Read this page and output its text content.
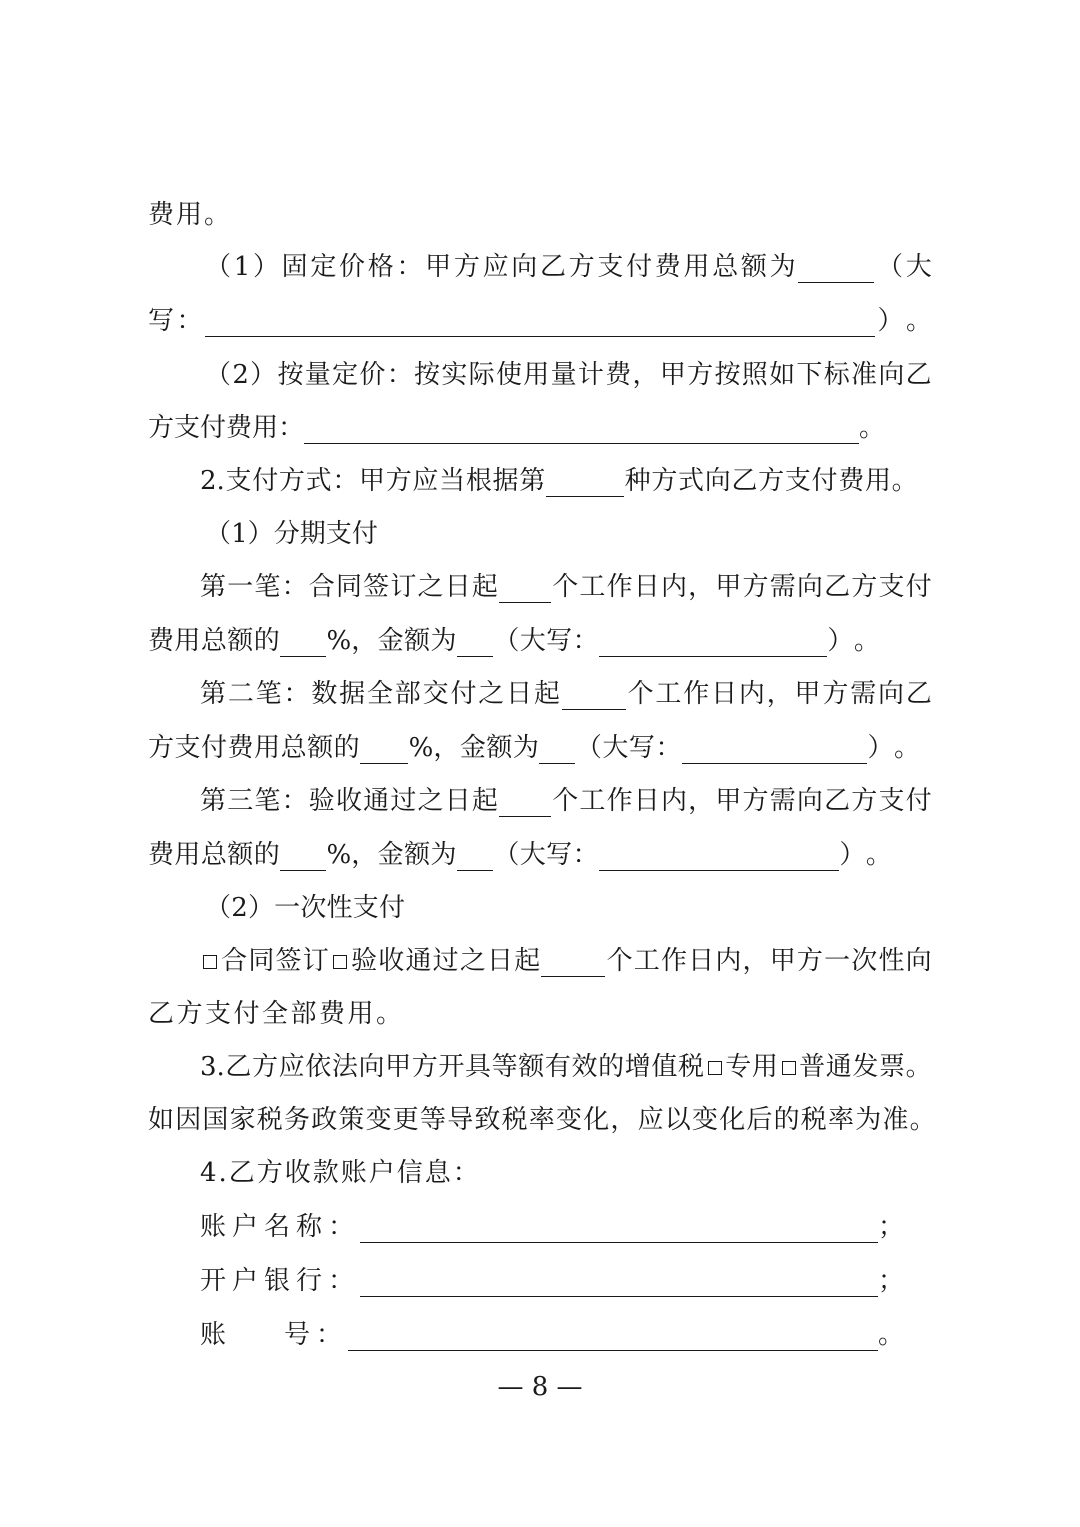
费用。
（ 1 ） 固 定 价 格 ： 甲 方 应 向 乙 方 支 付 费 用 总 额 为	（ 大
写 ：	） 。
（ 2 ） 按 量 定 价 ： 按 实 际 使 用 量 计 费 ， 甲 方 按 照 如 下 标 准 向 乙
方 支 付 费 用 ：	。
2. 支 付 方 式 ： 甲 方 应 当 根 据 第	种 方 式 向 乙 方 支 付 费 用 。
（ 1 ） 分 期 支 付
第 一 笔 ： 合 同 签 订 之 日 起 个 工 作 日 内 ， 甲 方 需 向 乙 方 支 付
费 用 总 额 的 %， 金 额 为 （ 大 写 ：	） 。
第 二 笔 ： 数 据 全 部 交 付 之 日 起	个 工 作 日 内 ， 甲 方 需 向 乙
方 支 付 费 用 总 额 的 %， 金 额 为 （ 大 写 ：	） 。
第 三 笔 ： 验 收 通 过 之 日 起 个 工 作 日 内 ， 甲 方 需 向 乙 方 支 付
费 用 总 额 的 %， 金 额 为 （ 大 写 ：	） 。
（ 2 ） 一 次 性 支 付
合 同 签 订 验 收 通 过 之 日 起	个 工 作 日 内 ， 甲 方 一 次 性 向
乙方支付全部费用。
3. 乙 方 应 依 法 向 甲 方 开 具 等 额 有 效 的 增 值 税 专 用 普 通 发 票 。
如因国家税务政策变更等导致税率变化，应以变化后的税率为准。
4.乙方收款账户信息：
账 户 名 称 ：	；
开 户 银 行 ：	；
账 号 ：	。
— 8 —
